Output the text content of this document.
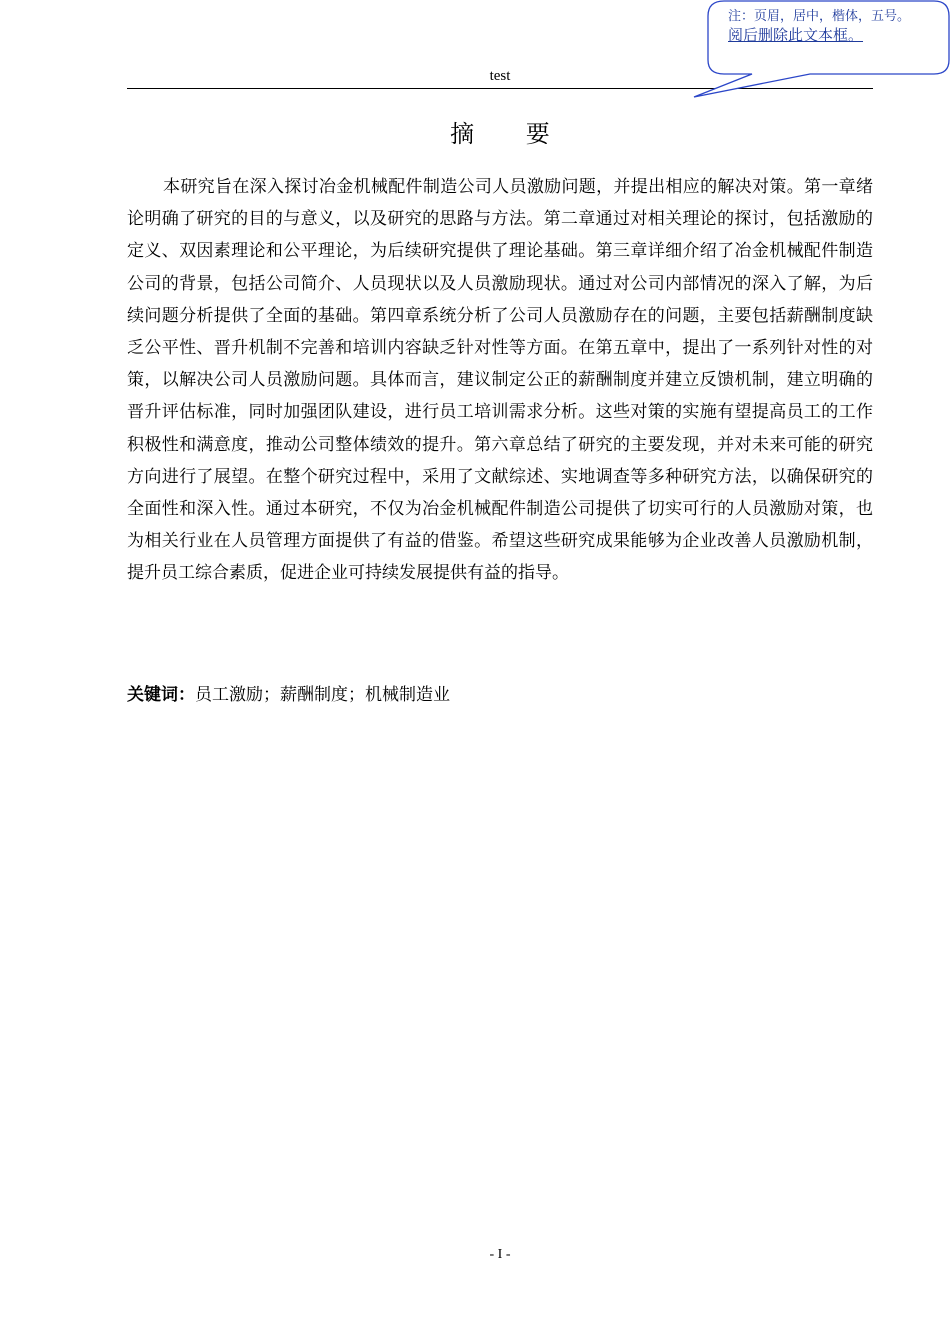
test
注：页眉，居中，楷体，五号。
阅后删除此文本框。
摘 要

本研究旨在深入探讨冶金机械配件制造公司人员激励问题，并提出相应的解决对策。第一章绪论明确了研究的目的与意义，以及研究的思路与方法。第二章通过对相关理论的探讨，包括激励的定义、双因素理论和公平理论，为后续研究提供了理论基础。第三章详细介绍了冶金机械配件制造公司的背景，包括公司简介、人员现状以及人员激励现状。通过对公司内部情况的深入了解，为后续问题分析提供了全面的基础。第四章系统分析了公司人员激励存在的问题，主要包括薪酬制度缺乏公平性、晋升机制不完善和培训内容缺乏针对性等方面。在第五章中，提出了一系列针对性的对策，以解决公司人员激励问题。具体而言，建议制定公正的薪酬制度并建立反馈机制，建立明确的晋升评估标准，同时加强团队建设，进行员工培训需求分析。这些对策的实施有望提高员工的工作积极性和满意度，推动公司整体绩效的提升。第六章总结了研究的主要发现，并对未来可能的研究方向进行了展望。在整个研究过程中，采用了文献综述、实地调查等多种研究方法，以确保研究的全面性和深入性。通过本研究，不仅为冶金机械配件制造公司提供了切实可行的人员激励对策，也为相关行业在人员管理方面提供了有益的借鉴。希望这些研究成果能够为企业改善人员激励机制，提升员工综合素质，促进企业可持续发展提供有益的指导。

关键词：员工激励；薪酬制度；机械制造业

- I -
